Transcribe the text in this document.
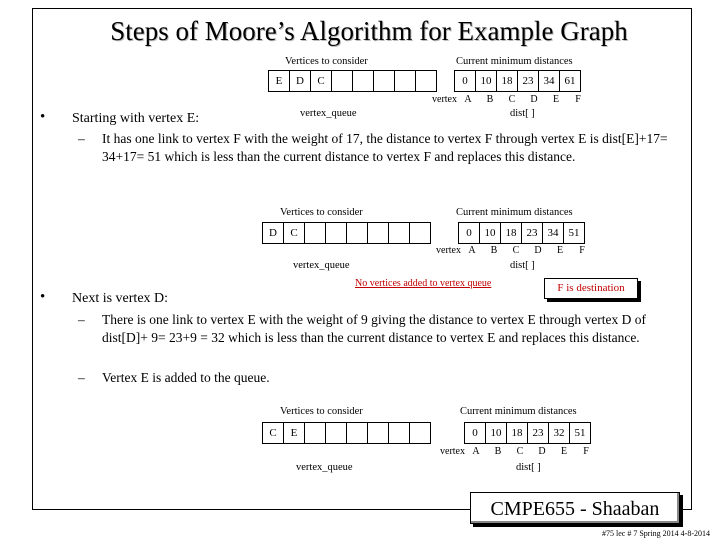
Steps of Moore’s Algorithm for Example Graph
Vertices to consider	Current minimum distances
E	D	C						0	10	18	23	34	61
vertexA B C D E F
vertex_queue	dist[ ]
• Starting with vertex E:
– It has one link to vertex F with the weight of 17, the distance to vertex F through vertex E is dist[E]+17= 34+17= 51 which is less than the current distance to vertex F and replaces this distance.
Vertices to consider	Current minimum distances
D	C							0	10	18	23	34	51
vertexA B C D E F
vertex_queue	dist[ ]
No vertices added to vertex queue	F is destination
• Next is vertex D:
– There is one link to vertex E with the weight of 9 giving the distance to vertex E through vertex D of dist[D]+ 9= 23+9 = 32 which is less than the current distance to vertex E and replaces this distance.
– Vertex E is added to the queue.
Vertices to consider	Current minimum distances
C	E							0	10	18	23	32	51
vertexA B C D E F
vertex_queue	dist[ ]
CMPE655 - Shaaban
#75 lec # 7 Spring 2014 4-8-2014
